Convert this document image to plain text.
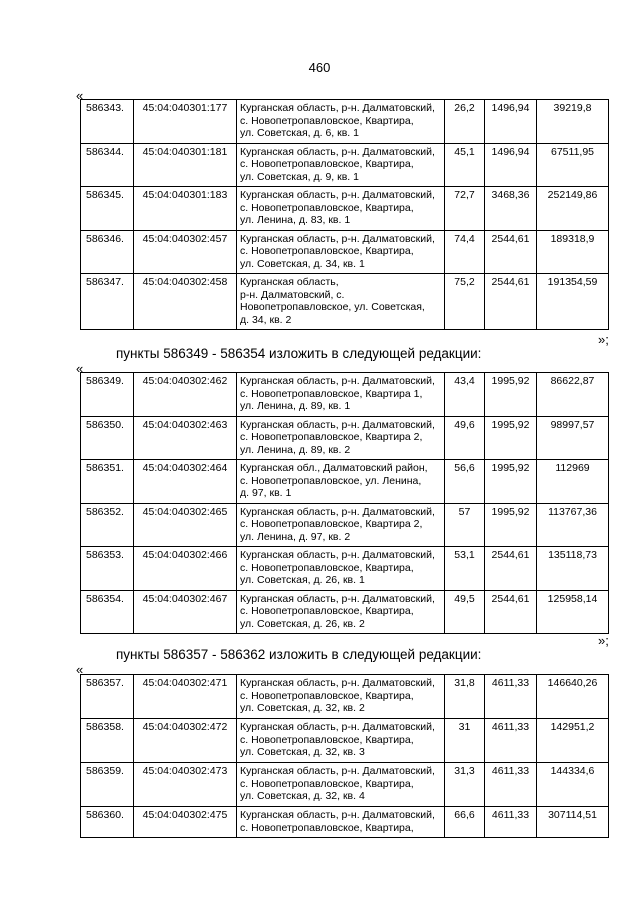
460
«
586343.	45:04:040301:177	Курганская область, р-н. Далматовский,
с. Новопетропавловское, Квартира,
ул. Советская, д. 6, кв. 1	26,2	1496,94	39219,8
586344.	45:04:040301:181	Курганская область, р-н. Далматовский,
с. Новопетропавловское, Квартира,
ул. Советская, д. 9, кв. 1	45,1	1496,94	67511,95
586345.	45:04:040301:183	Курганская область, р-н. Далматовский,
с. Новопетропавловское, Квартира,
ул. Ленина, д. 83, кв. 1	72,7	3468,36	252149,86
586346.	45:04:040302:457	Курганская область, р-н. Далматовский,
с. Новопетропавловское, Квартира,
ул. Советская, д. 34, кв. 1	74,4	2544,61	189318,9
586347.	45:04:040302:458	Курганская область,
р-н. Далматовский, с.
Новопетропавловское, ул. Советская,
д. 34, кв. 2	75,2	2544,61	191354,59
»;
пункты 586349 - 586354 изложить в следующей редакции:
«
586349.	45:04:040302:462	Курганская область, р-н. Далматовский,
с. Новопетропавловское, Квартира 1,
ул. Ленина, д. 89, кв. 1	43,4	1995,92	86622,87
586350.	45:04:040302:463	Курганская область, р-н. Далматовский,
с. Новопетропавловское, Квартира 2,
ул. Ленина, д. 89, кв. 2	49,6	1995,92	98997,57
586351.	45:04:040302:464	Курганская обл., Далматовский район,
с. Новопетропавловское, ул. Ленина,
д. 97, кв. 1	56,6	1995,92	112969
586352.	45:04:040302:465	Курганская область, р-н. Далматовский,
с. Новопетропавловское, Квартира 2,
ул. Ленина, д. 97, кв. 2	57	1995,92	113767,36
586353.	45:04:040302:466	Курганская область, р-н. Далматовский,
с. Новопетропавловское, Квартира,
ул. Советская, д. 26, кв. 1	53,1	2544,61	135118,73
586354.	45:04:040302:467	Курганская область, р-н. Далматовский,
с. Новопетропавловское, Квартира,
ул. Советская, д. 26, кв. 2	49,5	2544,61	125958,14
»;
пункты 586357 - 586362 изложить в следующей редакции:
«
586357.	45:04:040302:471	Курганская область, р-н. Далматовский,
с. Новопетропавловское, Квартира,
ул. Советская, д. 32, кв. 2	31,8	4611,33	146640,26
586358.	45:04:040302:472	Курганская область, р-н. Далматовский,
с. Новопетропавловское, Квартира,
ул. Советская, д. 32, кв. 3	31	4611,33	142951,2
586359.	45:04:040302:473	Курганская область, р-н. Далматовский,
с. Новопетропавловское, Квартира,
ул. Советская, д. 32, кв. 4	31,3	4611,33	144334,6
586360.	45:04:040302:475	Курганская область, р-н. Далматовский,
с. Новопетропавловское, Квартира,	66,6	4611,33	307114,51
